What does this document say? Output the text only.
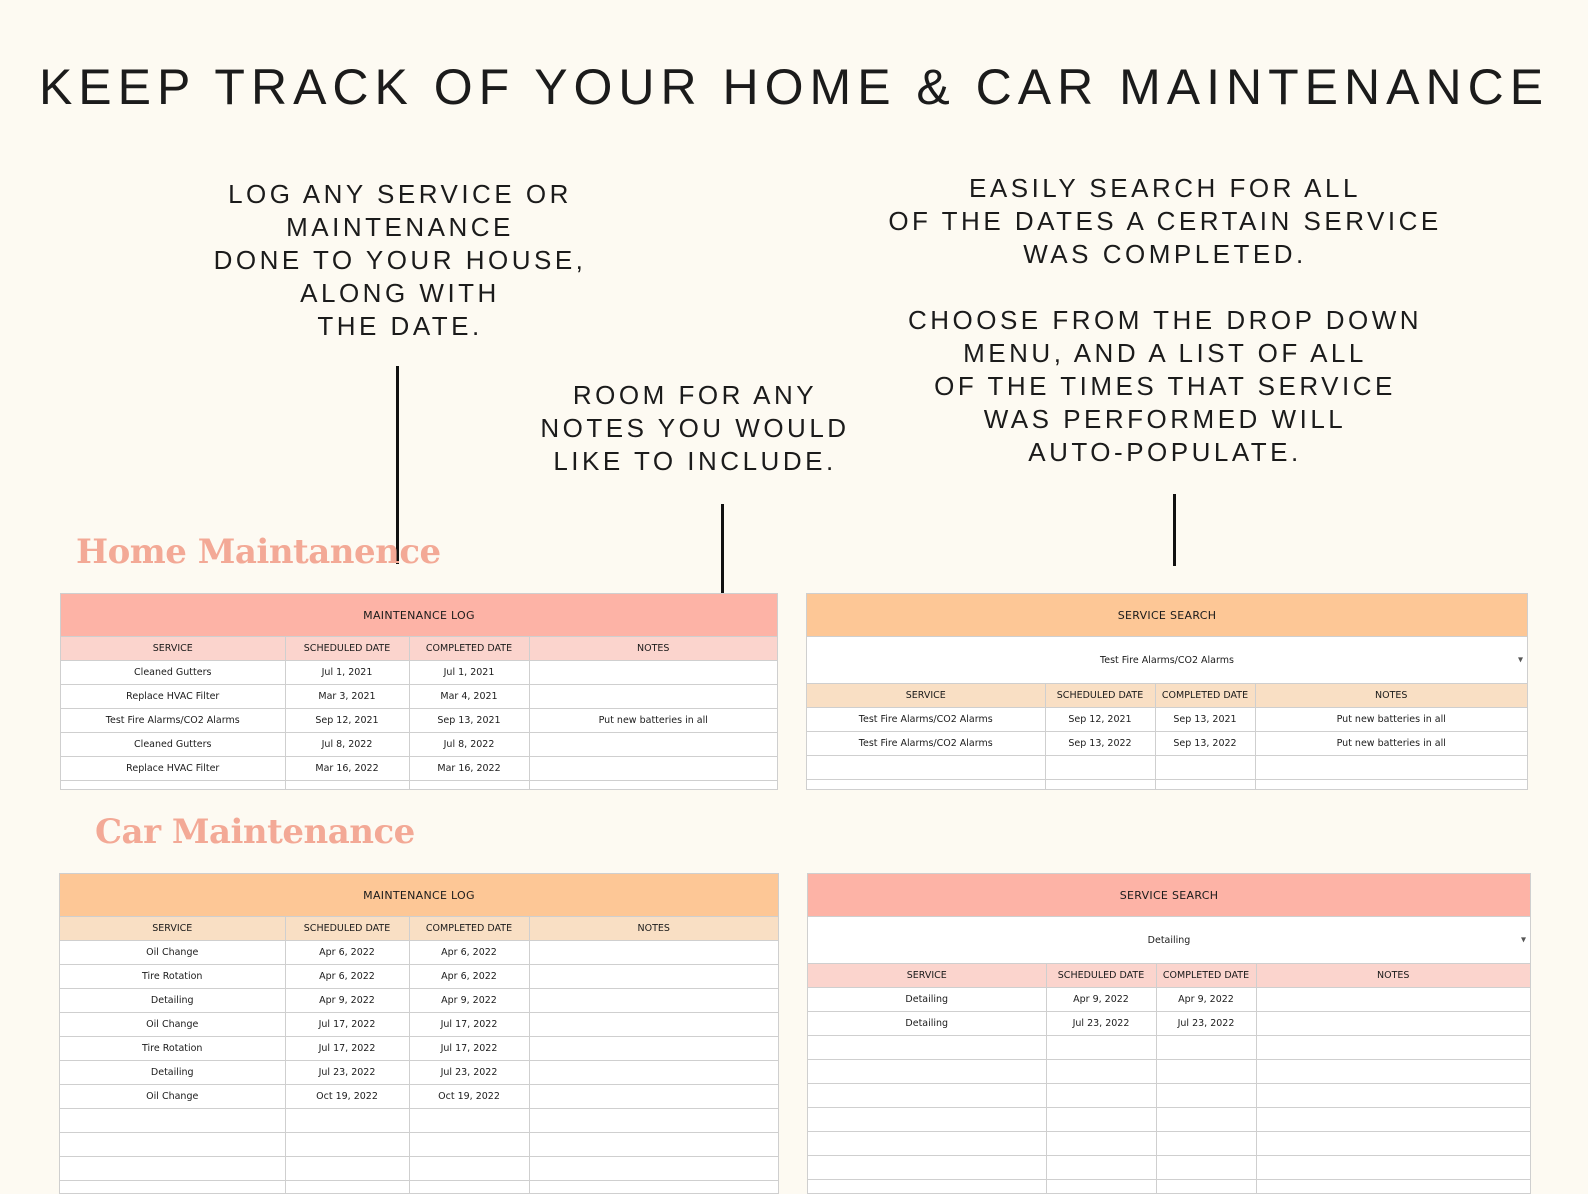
KEEP TRACK OF YOUR HOME & CAR MAINTENANCE
LOG ANY SERVICE OR
MAINTENANCE
DONE TO YOUR HOUSE,
ALONG WITH
THE DATE.
ROOM FOR ANY
NOTES YOU WOULD
LIKE TO INCLUDE.
EASILY SEARCH FOR ALL
OF THE DATES A CERTAIN SERVICE
WAS COMPLETED.

CHOOSE FROM THE DROP DOWN
MENU, AND A LIST OF ALL
OF THE TIMES THAT SERVICE
WAS PERFORMED WILL
AUTO-POPULATE.
Home Maintanence
Car Maintenance
MAINTENANCE LOG
SERVICE	SCHEDULED DATE	COMPLETED DATE	NOTES
Cleaned Gutters	Jul 1, 2021	Jul 1, 2021	
Replace HVAC Filter	Mar 3, 2021	Mar 4, 2021	
Test Fire Alarms/CO2 Alarms	Sep 12, 2021	Sep 13, 2021	Put new batteries in all
Cleaned Gutters	Jul 8, 2022	Jul 8, 2022	
Replace HVAC Filter	Mar 16, 2022	Mar 16, 2022	

SERVICE SEARCH
Test Fire Alarms/CO2 Alarms	▾
SERVICE	SCHEDULED DATE	COMPLETED DATE	NOTES
Test Fire Alarms/CO2 Alarms	Sep 12, 2021	Sep 13, 2021	Put new batteries in all
Test Fire Alarms/CO2 Alarms	Sep 13, 2022	Sep 13, 2022	Put new batteries in all

MAINTENANCE LOG
SERVICE	SCHEDULED DATE	COMPLETED DATE	NOTES
Oil Change	Apr 6, 2022	Apr 6, 2022	
Tire Rotation	Apr 6, 2022	Apr 6, 2022	
Detailing	Apr 9, 2022	Apr 9, 2022	
Oil Change	Jul 17, 2022	Jul 17, 2022	
Tire Rotation	Jul 17, 2022	Jul 17, 2022	
Detailing	Jul 23, 2022	Jul 23, 2022	
Oil Change	Oct 19, 2022	Oct 19, 2022	

SERVICE SEARCH
Detailing	▾
SERVICE	SCHEDULED DATE	COMPLETED DATE	NOTES
Detailing	Apr 9, 2022	Apr 9, 2022	
Detailing	Jul 23, 2022	Jul 23, 2022	
